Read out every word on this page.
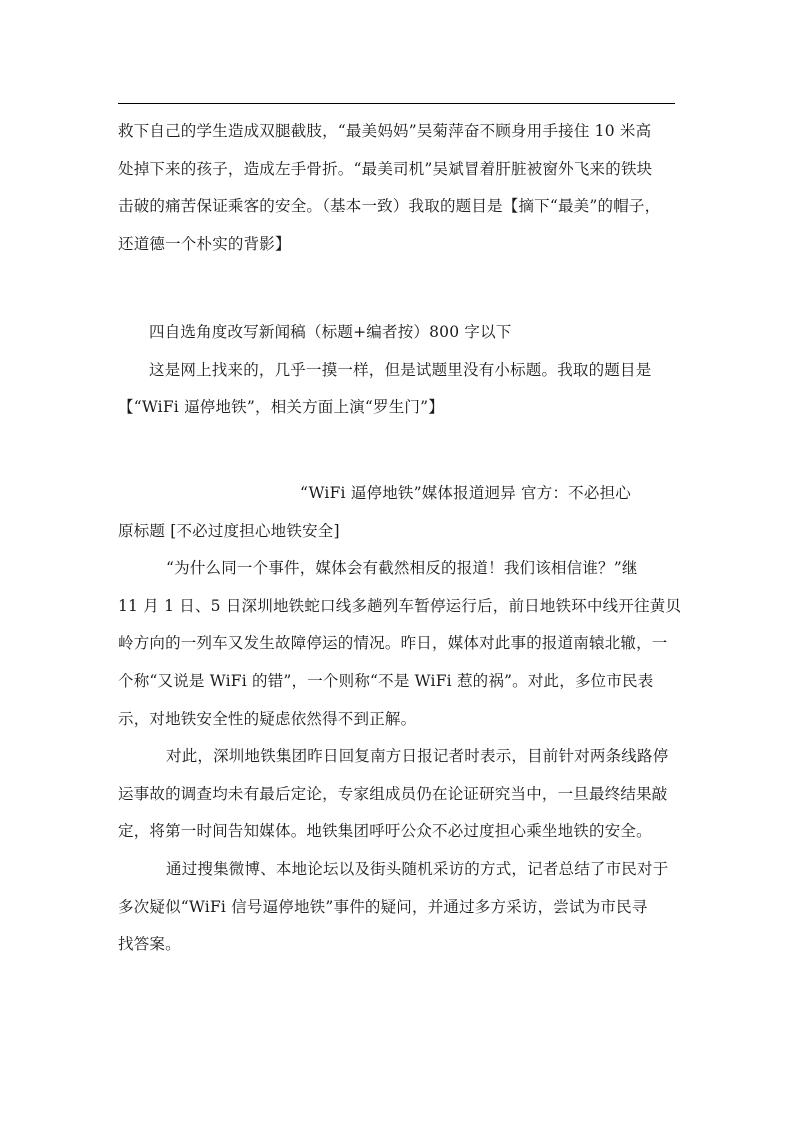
救下自己的学生造成双腿截肢，“最美妈妈”吴菊萍奋不顾身用手接住 10 米高
处掉下来的孩子，造成左手骨折。“最美司机”吴斌冒着肝脏被窗外飞来的铁块
击破的痛苦保证乘客的安全。（基本一致）我取的题目是【摘下“最美”的帽子，
还道德一个朴实的背影】
四自选角度改写新闻稿（标题+编者按）800 字以下
这是网上找来的，几乎一摸一样，但是试题里没有小标题。我取的题目是
【“WiFi 逼停地铁”，相关方面上演“罗生门”】
“WiFi 逼停地铁”媒体报道迥异 官方：不必担心
原标题 [不必过度担心地铁安全]
“为什么同一个事件，媒体会有截然相反的报道！我们该相信谁？”继
11 月 1 日、5 日深圳地铁蛇口线多趟列车暂停运行后，前日地铁环中线开往黄贝
岭方向的一列车又发生故障停运的情况。昨日，媒体对此事的报道南辕北辙，一
个称“又说是 WiFi 的错”，一个则称“不是 WiFi 惹的祸”。对此，多位市民表
示，对地铁安全性的疑虑依然得不到正解。
对此，深圳地铁集团昨日回复南方日报记者时表示，目前针对两条线路停
运事故的调查均未有最后定论，专家组成员仍在论证研究当中，一旦最终结果敲
定，将第一时间告知媒体。地铁集团呼吁公众不必过度担心乘坐地铁的安全。
通过搜集微博、本地论坛以及街头随机采访的方式，记者总结了市民对于
多次疑似“WiFi 信号逼停地铁”事件的疑问，并通过多方采访，尝试为市民寻
找答案。
